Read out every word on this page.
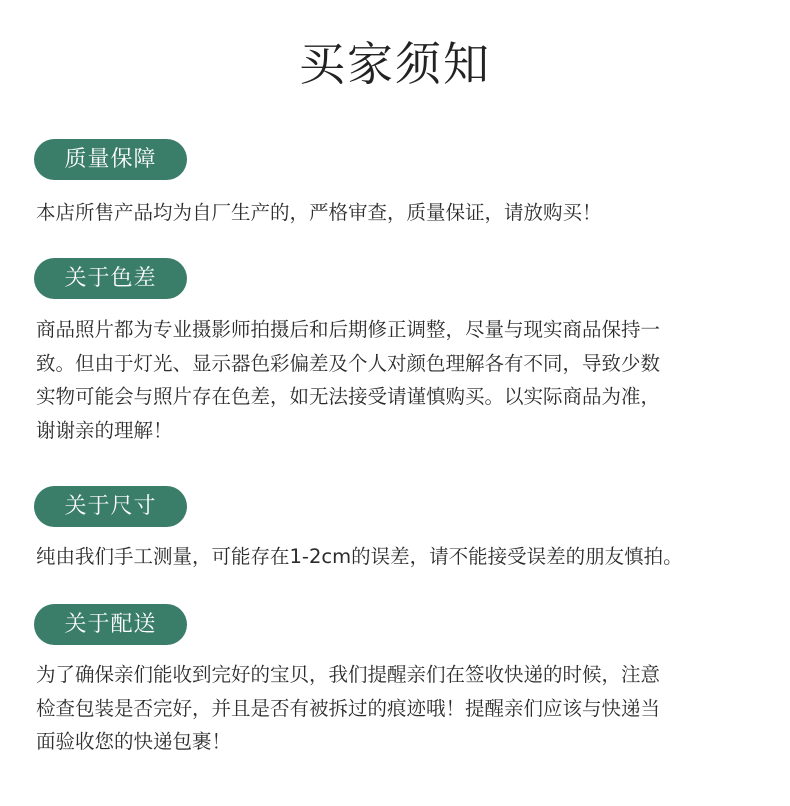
买家须知
质量保障
本店所售产品均为自厂生产的，严格审查，质量保证，请放购买！
关于色差
商品照片都为专业摄影师拍摄后和后期修正调整，尽量与现实商品保持一
致。但由于灯光、显示器色彩偏差及个人对颜色理解各有不同，导致少数
实物可能会与照片存在色差，如无法接受请谨慎购买。以实际商品为准，
谢谢亲的理解！
关于尺寸
纯由我们手工测量，可能存在1-2cm的误差，请不能接受误差的朋友慎拍。
关于配送
为了确保亲们能收到完好的宝贝，我们提醒亲们在签收快递的时候，注意
检查包装是否完好，并且是否有被拆过的痕迹哦！提醒亲们应该与快递当
面验收您的快递包裹！
